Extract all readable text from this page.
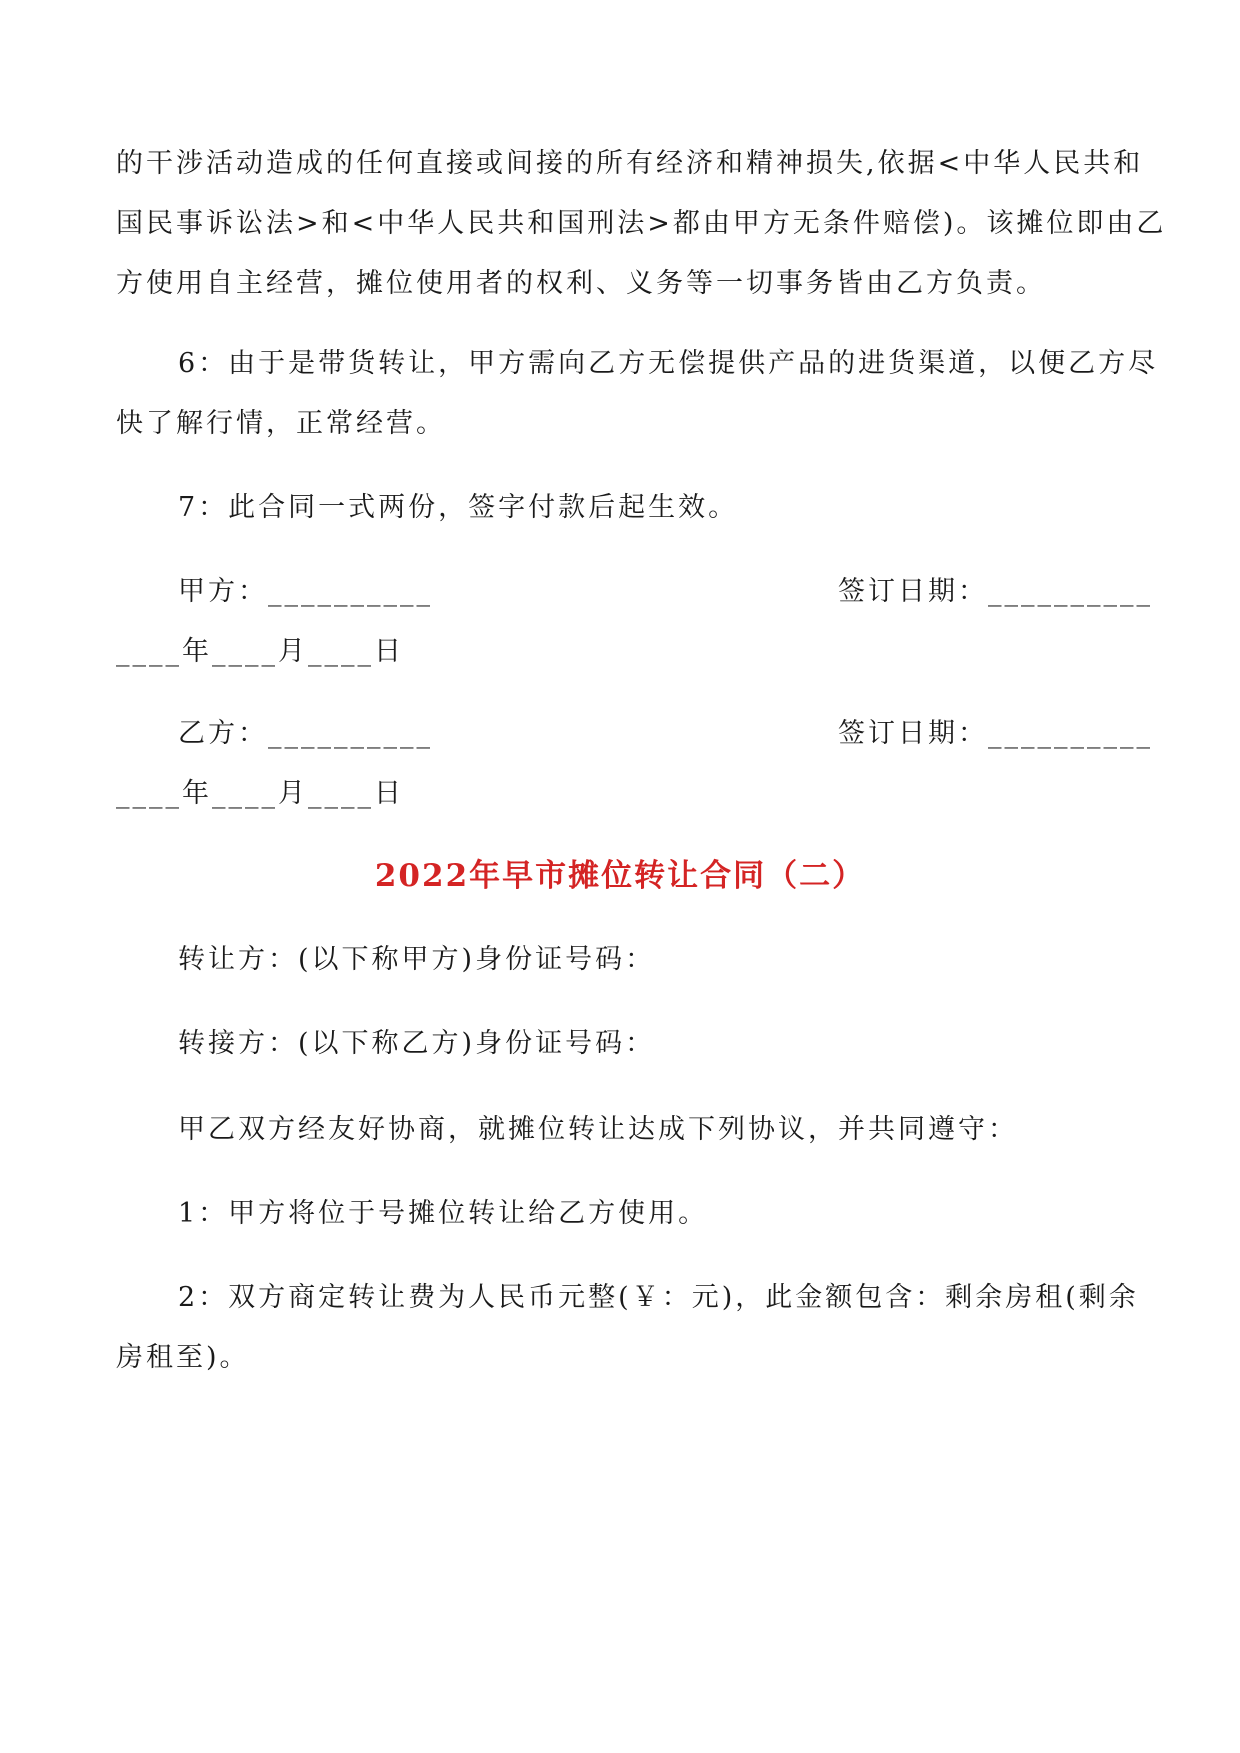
的干涉活动造成的任何直接或间接的所有经济和精神损失,依据<中华人民共和

国民事诉讼法>和<中华人民共和国刑法>都由甲方无条件赔偿)。该摊位即由乙

方使用自主经营，摊位使用者的权利、义务等一切事务皆由乙方负责。

6：由于是带货转让，甲方需向乙方无偿提供产品的进货渠道，以便乙方尽

快了解行情，正常经营。

7：此合同一式两份，签字付款后起生效。

甲方：__________	签订日期：__________

____年____月____日

乙方：__________	签订日期：__________

____年____月____日

2022年早市摊位转让合同（二）

转让方：(以下称甲方)身份证号码：

转接方：(以下称乙方)身份证号码：

甲乙双方经友好协商，就摊位转让达成下列协议，并共同遵守：

1：甲方将位于号摊位转让给乙方使用。

2：双方商定转让费为人民币元整(￥：元)，此金额包含：剩余房租(剩余

房租至)。
